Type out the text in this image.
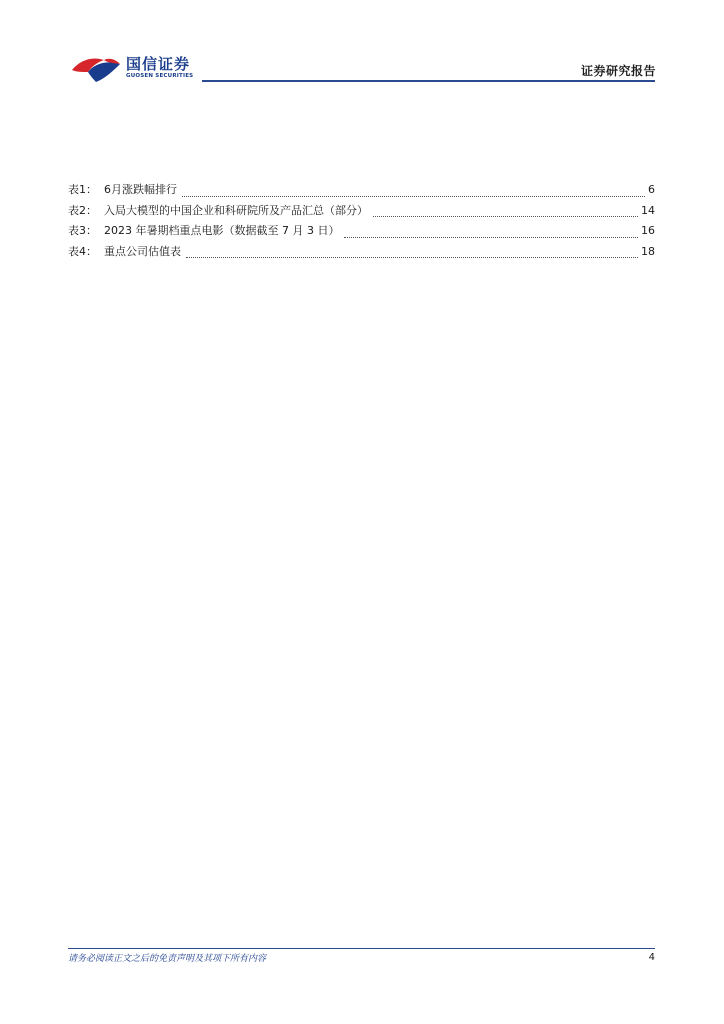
国信证券
GUOSEN SECURITIES	证券研究报告
表1： 6月涨跌幅排行	6
表2： 入局大模型的中国企业和科研院所及产品汇总（部分）	14
表3： 2023 年暑期档重点电影（数据截至 7 月 3 日）	16
表4： 重点公司估值表	18
请务必阅读正文之后的免责声明及其项下所有内容	4
